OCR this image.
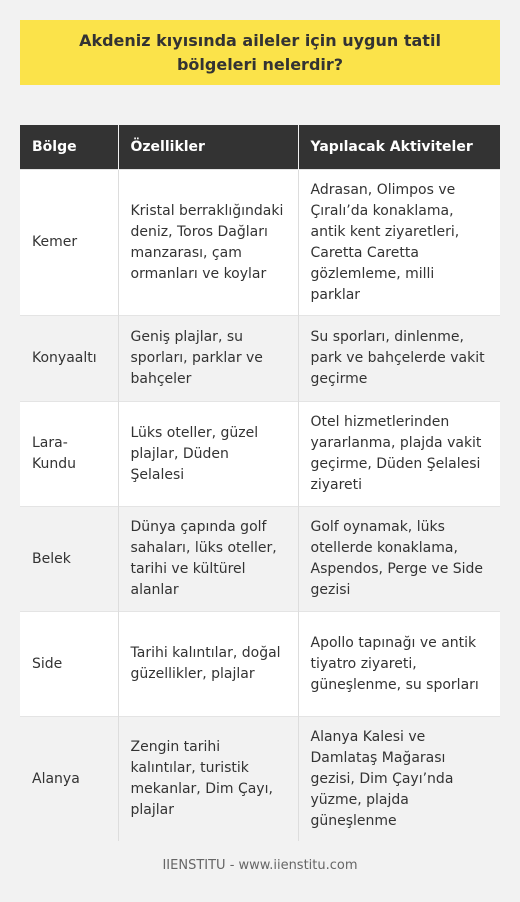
Akdeniz kıyısında aileler için uygun tatil bölgeleri nelerdir?
Bölge	Özellikler	Yapılacak Aktiviteler
Kemer	Kristal berraklığındaki deniz, Toros Dağları manzarası, çam ormanları ve koylar	Adrasan, Olimpos ve Çıralı’da konaklama, antik kent ziyaretleri, Caretta Caretta gözlemleme, milli parklar
Konyaaltı	Geniş plajlar, su sporları, parklar ve bahçeler	Su sporları, dinlenme, park ve bahçelerde vakit geçirme
Lara-Kundu	Lüks oteller, güzel plajlar, Düden Şelalesi	Otel hizmetlerinden yararlanma, plajda vakit geçirme, Düden Şelalesi ziyareti
Belek	Dünya çapında golf sahaları, lüks oteller, tarihi ve kültürel alanlar	Golf oynamak, lüks otellerde konaklama, Aspendos, Perge ve Side gezisi
Side	Tarihi kalıntılar, doğal güzellikler, plajlar	Apollo tapınağı ve antik tiyatro ziyareti, güneşlenme, su sporları
Alanya	Zengin tarihi kalıntılar, turistik mekanlar, Dim Çayı, plajlar	Alanya Kalesi ve Damlataş Mağarası gezisi, Dim Çayı’nda yüzme, plajda güneşlenme
IIENSTITU - www.iienstitu.com
